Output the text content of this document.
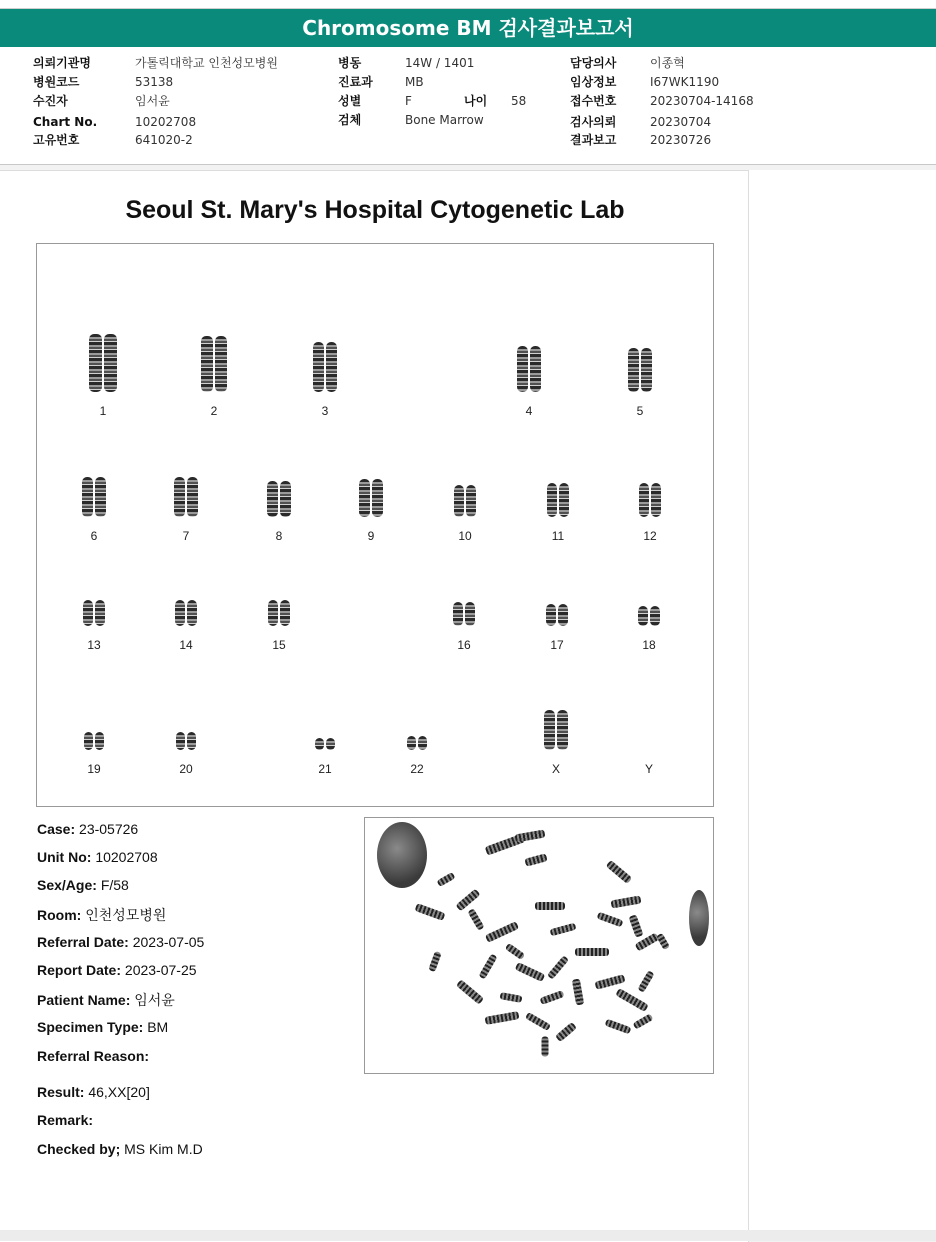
Chromosome BM 검사결과보고서
의뢰기관명	가톨릭대학교 인천성모병원
병원코드	53138
수진자	임서윤
Chart No.	10202708
고유번호	641020-2
병동	14W / 1401
진료과	MB
성별	F	나이 58
검체	Bone Marrow
담당의사	이종혁
임상정보	I67WK1190
접수번호	20230704-14168
검사의뢰	20230704
결과보고	20230726
Seoul St. Mary's Hospital Cytogenetic Lab
1	2	3	4	5
6	7	8	9	10	11	12
13	14	15	16	17	18
19	20	21	22	X	Y
Case: 23-05726
Unit No: 10202708
Sex/Age: F/58
Room: 인천성모병원
Referral Date: 2023-07-05
Report Date: 2023-07-25
Patient Name: 임서윤
Specimen Type: BM
Referral Reason:
Result: 46,XX[20]
Remark:
Checked by; MS Kim M.D
